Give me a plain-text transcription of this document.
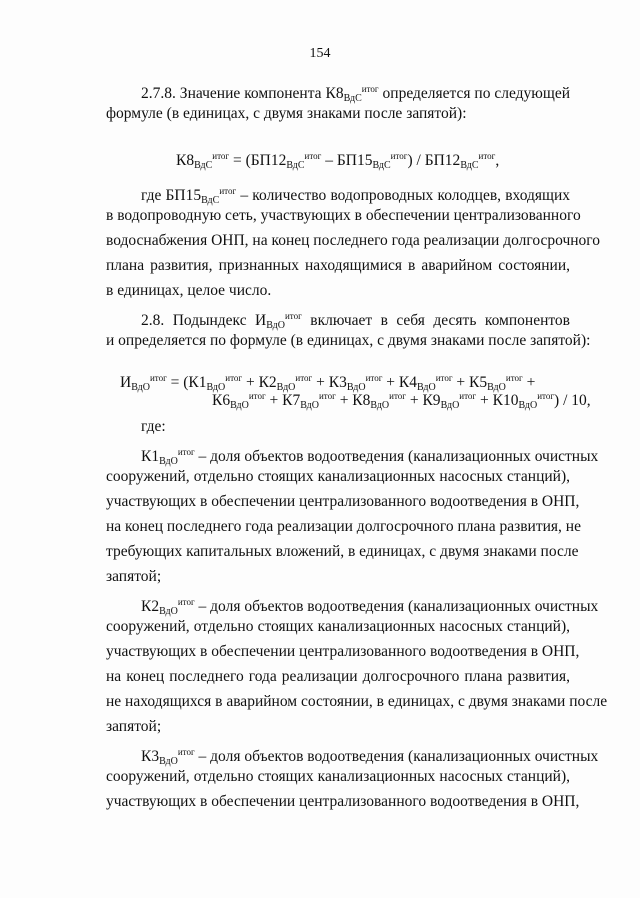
154
2.7.8. Значение компонента $К8_{ВдС}^{итог}$ определяется по следующей
формуле (в единицах, с двумя знаками после запятой):
$К8_{ВдС}^{итог} = (БП12_{ВдС}^{итог} - БП15_{ВдС}^{итог}) / БП12_{ВдС}^{итог}$,
где $БП15_{ВдС}^{итог}$ – количество водопроводных колодцев, входящих
в водопроводную сеть, участвующих в обеспечении централизованного
водоснабжения ОНП, на конец последнего года реализации долгосрочного
плана развития, признанных находящимися в аварийном состоянии,
в единицах, целое число.
2.8. Подындекс $И_{ВдО}^{итог}$ включает в себя десять компонентов
и определяется по формуле (в единицах, с двумя знаками после запятой):
$И_{ВдО}^{итог} = (К1_{ВдО}^{итог} + К2_{ВдО}^{итог} + К3_{ВдО}^{итог} + К4_{ВдО}^{итог} + К5_{ВдО}^{итог}$ +
$К6_{ВдО}^{итог} + К7_{ВдО}^{итог} + К8_{ВдО}^{итог} + К9_{ВдО}^{итог} + К10_{ВдО}^{итог}) / 10$,
где:
$К1_{ВдО}^{итог}$ – доля объектов водоотведения (канализационных очистных
сооружений, отдельно стоящих канализационных насосных станций),
участвующих в обеспечении централизованного водоотведения в ОНП,
на конец последнего года реализации долгосрочного плана развития, не
требующих капитальных вложений, в единицах, с двумя знаками после
запятой;
$К2_{ВдО}^{итог}$ – доля объектов водоотведения (канализационных очистных
сооружений, отдельно стоящих канализационных насосных станций),
участвующих в обеспечении централизованного водоотведения в ОНП,
на конец последнего года реализации долгосрочного плана развития,
не находящихся в аварийном состоянии, в единицах, с двумя знаками после
запятой;
$К3_{ВдО}^{итог}$ – доля объектов водоотведения (канализационных очистных
сооружений, отдельно стоящих канализационных насосных станций),
участвующих в обеспечении централизованного водоотведения в ОНП,
